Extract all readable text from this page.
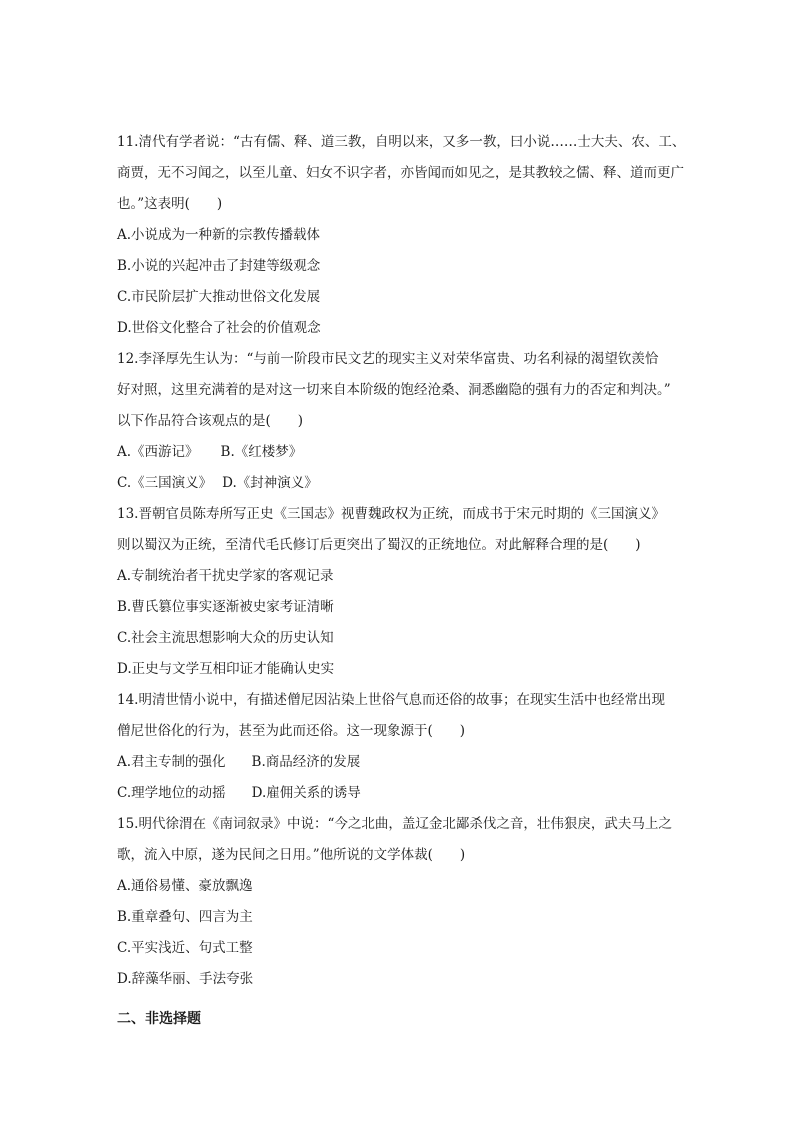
11.清代有学者说：“古有儒、释、道三教，自明以来，又多一教，曰小说……士大夫、农、工、
商贾，无不习闻之，以至儿童、妇女不识字者，亦皆闻而如见之，是其教较之儒、释、道而更广
也。”这表明(　　)
A.小说成为一种新的宗教传播载体
B.小说的兴起冲击了封建等级观念
C.市民阶层扩大推动世俗文化发展
D.世俗文化整合了社会的价值观念
12.李泽厚先生认为：“与前一阶段市民文艺的现实主义对荣华富贵、功名利禄的渴望钦羡恰
好对照，这里充满着的是对这一切来自本阶级的饱经沧桑、洞悉幽隐的强有力的否定和判决。”
以下作品符合该观点的是(　　)
A.《西游记》 B.《红楼梦》
C.《三国演义》 D.《封神演义》
13.晋朝官员陈寿所写正史《三国志》视曹魏政权为正统，而成书于宋元时期的《三国演义》
则以蜀汉为正统，至清代毛氏修订后更突出了蜀汉的正统地位。对此解释合理的是(　　)
A.专制统治者干扰史学家的客观记录
B.曹氏篡位事实逐渐被史家考证清晰
C.社会主流思想影响大众的历史认知
D.正史与文学互相印证才能确认史实
14.明清世情小说中，有描述僧尼因沾染上世俗气息而还俗的故事；在现实生活中也经常出现
僧尼世俗化的行为，甚至为此而还俗。这一现象源于(　　)
A.君主专制的强化 B.商品经济的发展
C.理学地位的动摇 D.雇佣关系的诱导
15.明代徐渭在《南词叙录》中说：“今之北曲，盖辽金北鄙杀伐之音，壮伟狠戾，武夫马上之
歌，流入中原，遂为民间之日用。”他所说的文学体裁(　　)
A.通俗易懂、豪放飘逸
B.重章叠句、四言为主
C.平实浅近、句式工整
D.辞藻华丽、手法夸张
二、非选择题
